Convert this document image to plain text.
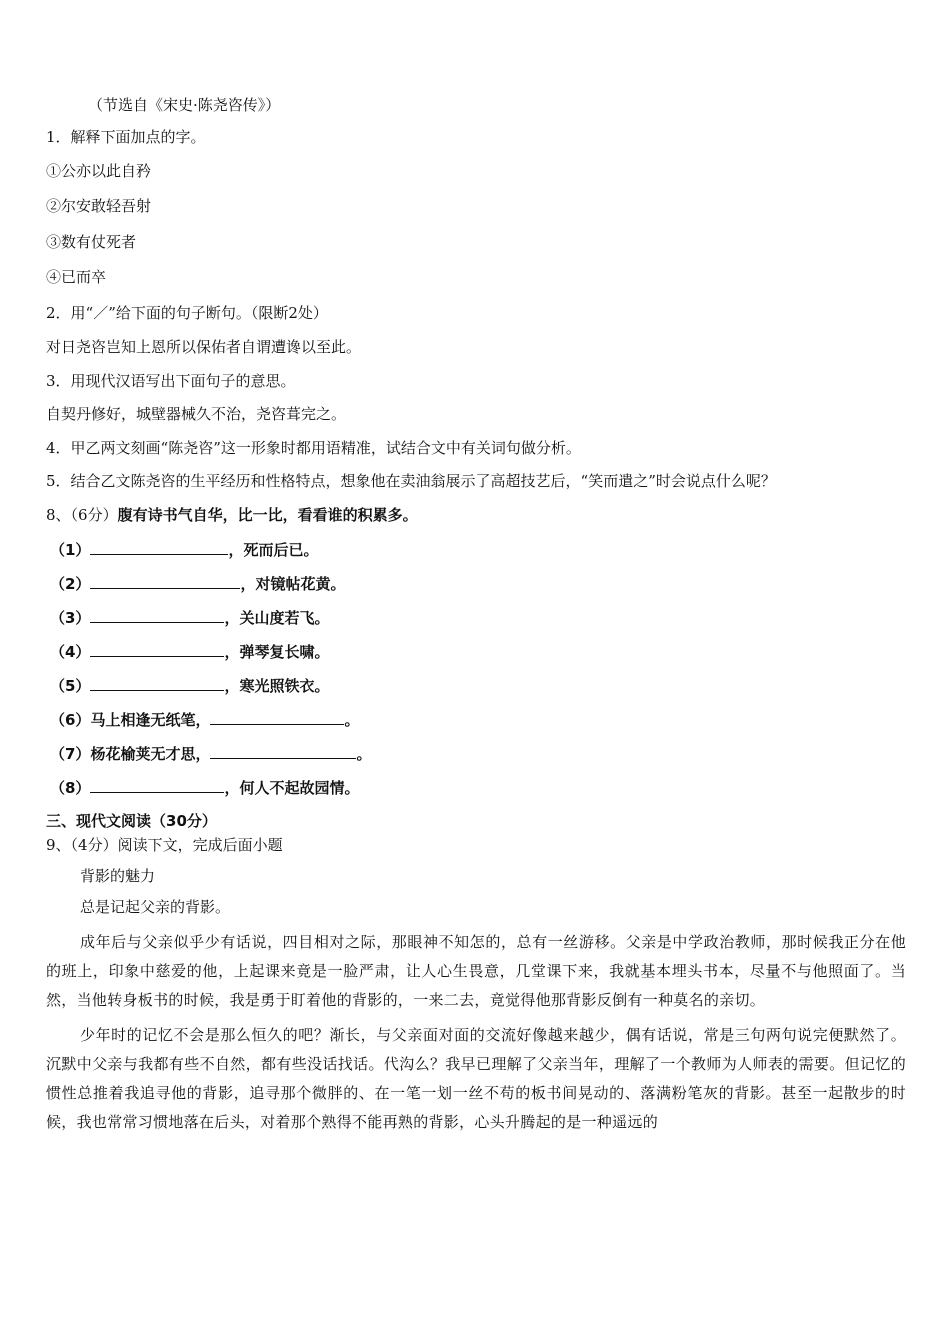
（节选自《宋史·陈尧咨传》）
1．解释下面加点的字。
①公亦以此自矜
②尔安敢轻吾射
③数有仗死者
④已而卒
2．用“／”给下面的句子断句。（限断2处）
对日尧咨岂知上恩所以保佑者自谓遭谗以至此。
3．用现代汉语写出下面句子的意思。
自契丹修好，城壁器械久不治，尧咨葺完之。
4．甲乙两文刻画“陈尧咨”这一形象时都用语精准，试结合文中有关词句做分析。
5．结合乙文陈尧咨的生平经历和性格特点，想象他在卖油翁展示了高超技艺后，“笑而遣之”时会说点什么呢？
8、（6分）腹有诗书气自华，比一比，看看谁的积累多。
（1）	，死而后已。
（2）	，对镜帖花黄。
（3）	，关山度若飞。
（4）	，弹琴复长啸。
（5）	，寒光照铁衣。
（6）马上相逢无纸笔，	。
（7）杨花榆荚无才思，	。
（8）	，何人不起故园情。
三、现代文阅读（30分）
9、（4分）阅读下文，完成后面小题
背影的魅力
总是记起父亲的背影。
成年后与父亲似乎少有话说，四目相对之际，那眼神不知怎的，总有一丝游移。父亲是中学政治教师，那时候我正分在他的班上，印象中慈爱的他，上起课来竟是一脸严肃，让人心生畏意，几堂课下来，我就基本埋头书本，尽量不与他照面了。当然，当他转身板书的时候，我是勇于盯着他的背影的，一来二去，竟觉得他那背影反倒有一种莫名的亲切。
少年时的记忆不会是那么恒久的吧？渐长，与父亲面对面的交流好像越来越少，偶有话说，常是三句两句说完便默然了。沉默中父亲与我都有些不自然，都有些没话找话。代沟么？我早已理解了父亲当年，理解了一个教师为人师表的需要。但记忆的惯性总推着我追寻他的背影，追寻那个微胖的、在一笔一划一丝不苟的板书间晃动的、落满粉笔灰的背影。甚至一起散步的时候，我也常常习惯地落在后头，对着那个熟得不能再熟的背影，心头升腾起的是一种遥远的
